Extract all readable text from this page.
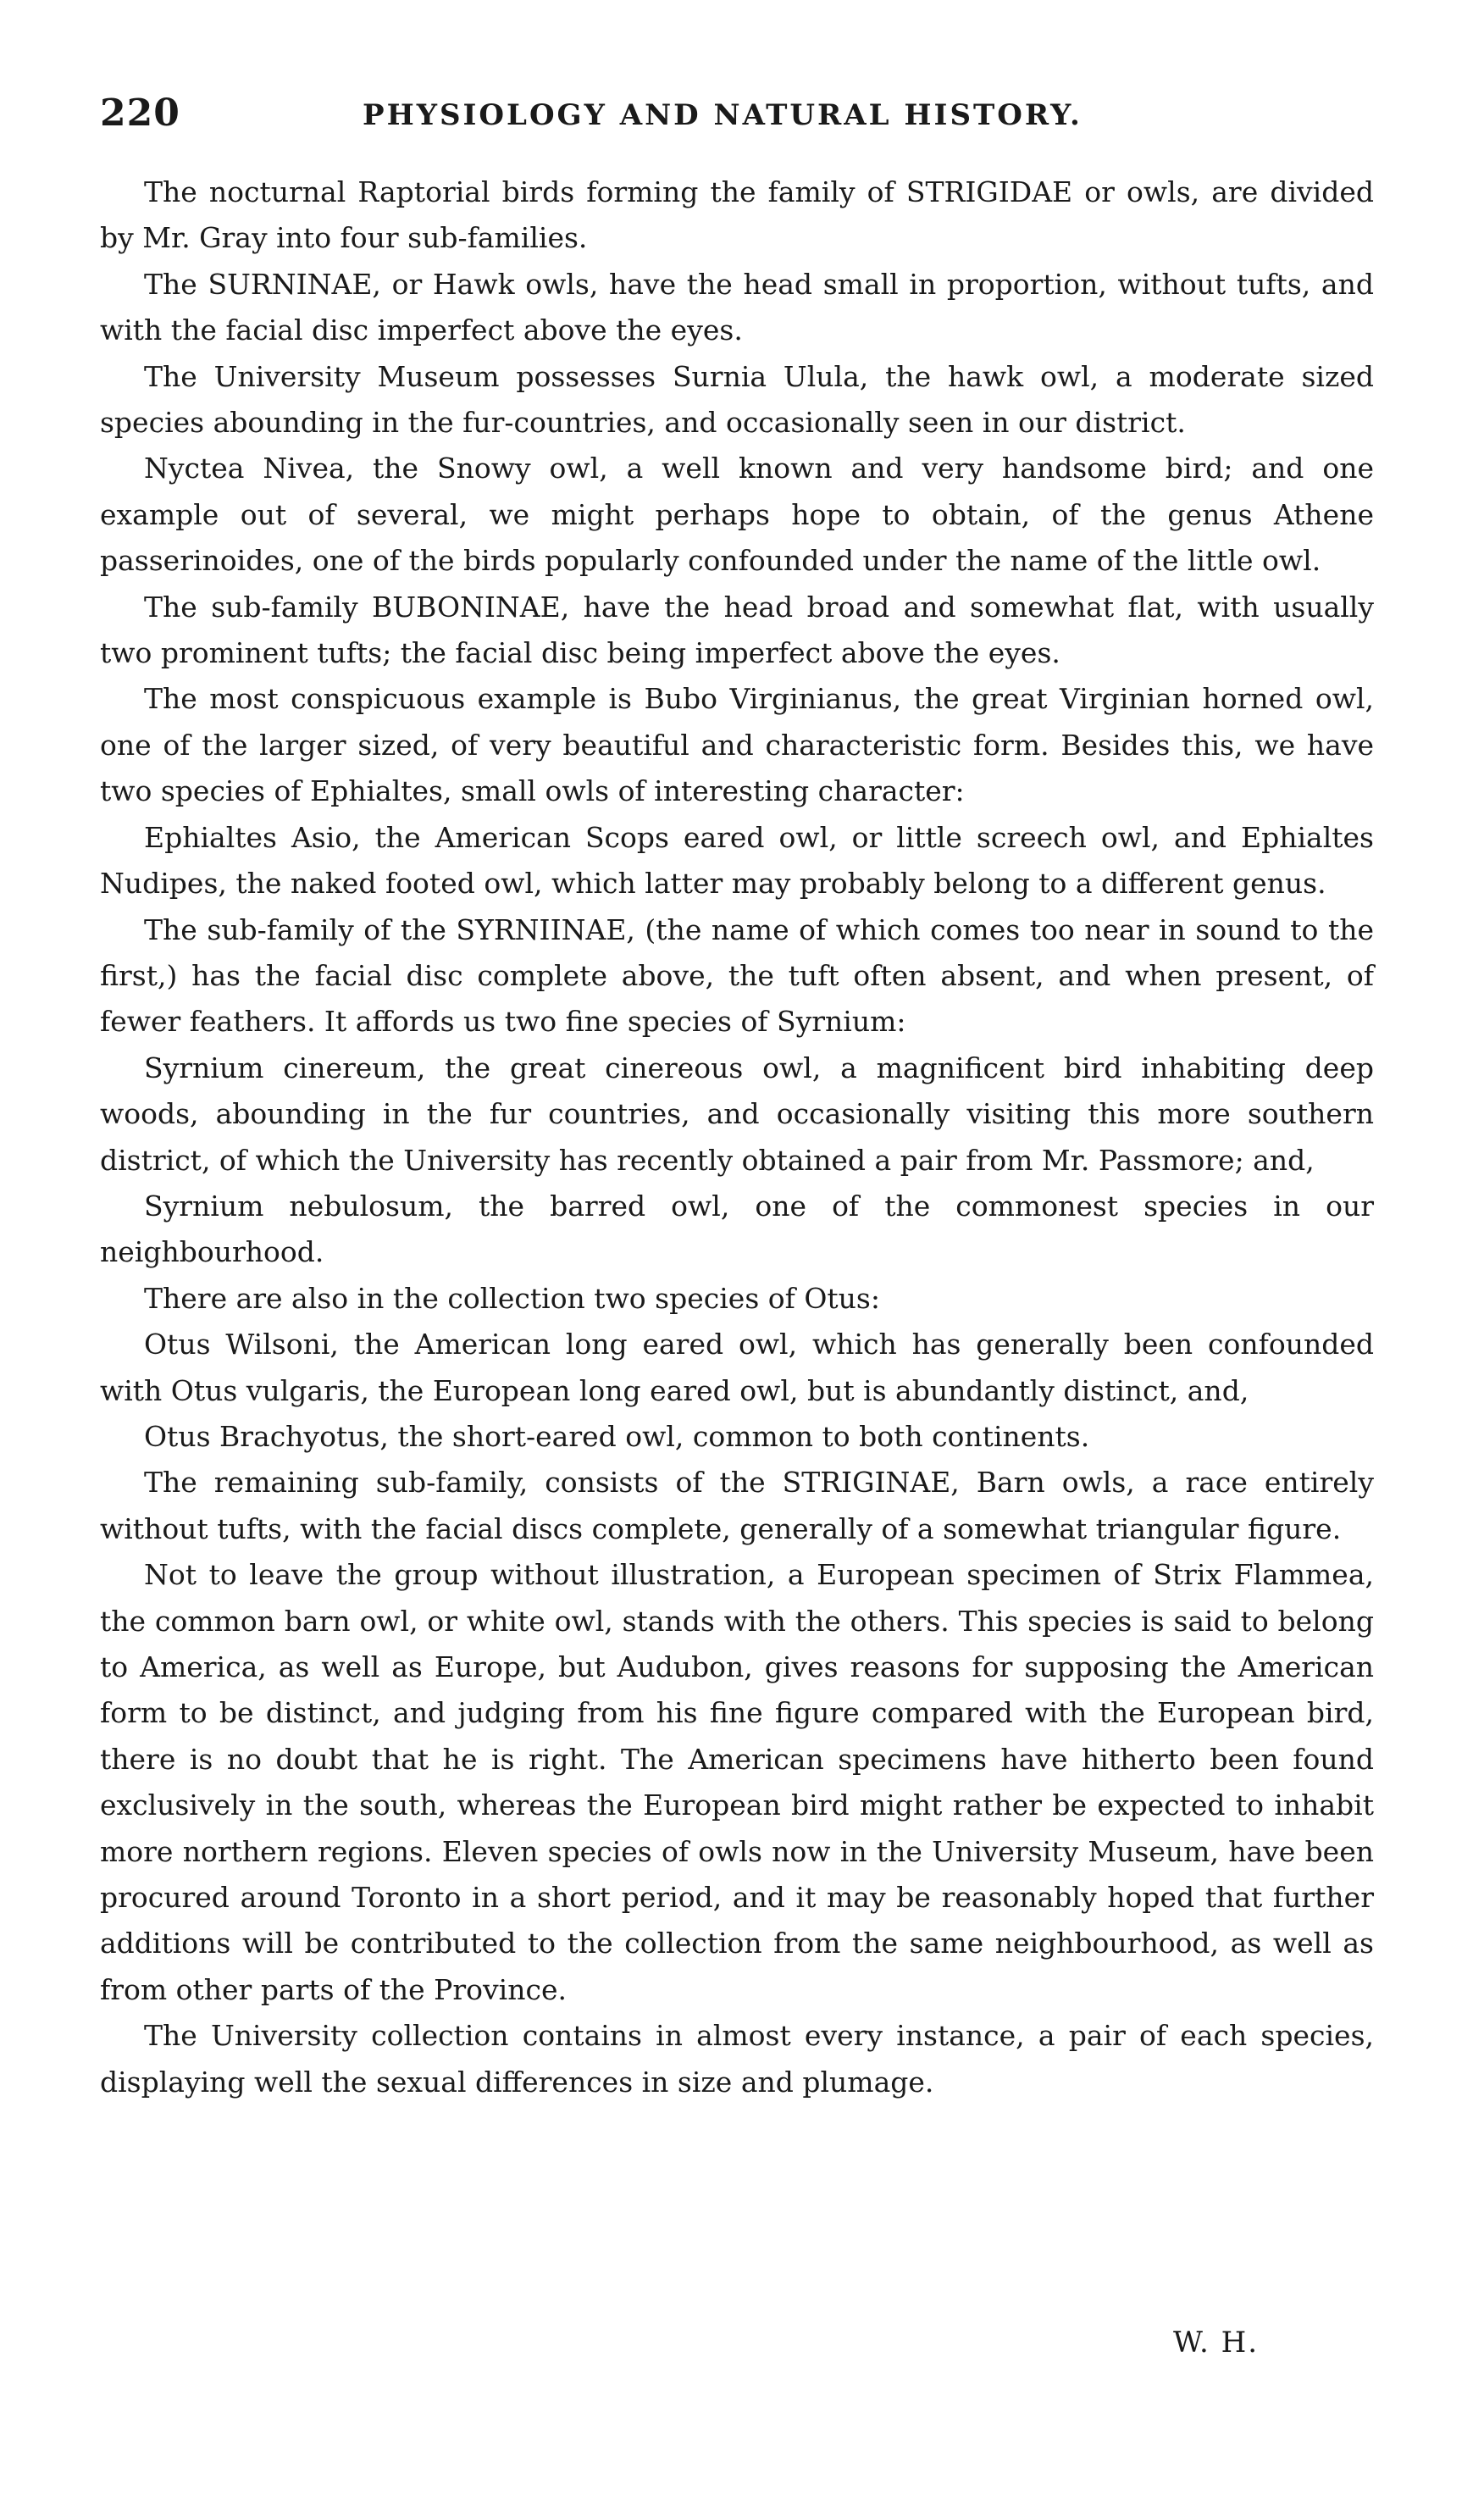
220	PHYSIOLOGY AND NATURAL HISTORY.

The nocturnal Raptorial birds forming the family of STRIGIDAE or owls, are divided by Mr. Gray into four sub-families.

The SURNINAE, or Hawk owls, have the head small in proportion, without tufts, and with the facial disc imperfect above the eyes.

The University Museum possesses Surnia Ulula, the hawk owl, a moderate sized species abounding in the fur-countries, and occasionally seen in our district.

Nyctea Nivea, the Snowy owl, a well known and very handsome bird; and one example out of several, we might perhaps hope to obtain, of the genus Athene passerinoides, one of the birds popularly confounded under the name of the little owl.

The sub-family BUBONINAE, have the head broad and somewhat flat, with usually two prominent tufts; the facial disc being imperfect above the eyes.

The most conspicuous example is Bubo Virginianus, the great Virginian horned owl, one of the larger sized, of very beautiful and characteristic form. Besides this, we have two species of Ephialtes, small owls of interesting character:

Ephialtes Asio, the American Scops eared owl, or little screech owl, and Ephialtes Nudipes, the naked footed owl, which latter may probably belong to a different genus.

The sub-family of the SYRNIINAE, (the name of which comes too near in sound to the first,) has the facial disc complete above, the tuft often absent, and when present, of fewer feathers. It affords us two fine species of Syrnium:

Syrnium cinereum, the great cinereous owl, a magnificent bird inhabiting deep woods, abounding in the fur countries, and occasionally visiting this more southern district, of which the University has recently obtained a pair from Mr. Passmore; and,

Syrnium nebulosum, the barred owl, one of the commonest species in our neighbourhood.

There are also in the collection two species of Otus:

Otus Wilsoni, the American long eared owl, which has generally been confounded with Otus vulgaris, the European long eared owl, but is abundantly distinct, and,

Otus Brachyotus, the short-eared owl, common to both continents.

The remaining sub-family, consists of the STRIGINAE, Barn owls, a race entirely without tufts, with the facial discs complete, generally of a somewhat triangular figure.

Not to leave the group without illustration, a European specimen of Strix Flammea, the common barn owl, or white owl, stands with the others. This species is said to belong to America, as well as Europe, but Audubon, gives reasons for supposing the American form to be distinct, and judging from his fine figure compared with the European bird, there is no doubt that he is right. The American specimens have hitherto been found exclusively in the south, whereas the European bird might rather be expected to inhabit more northern regions. Eleven species of owls now in the University Museum, have been procured around Toronto in a short period, and it may be reasonably hoped that further additions will be contributed to the collection from the same neighbourhood, as well as from other parts of the Province.

The University collection contains in almost every instance, a pair of each species, displaying well the sexual differences in size and plumage.

W. H.
